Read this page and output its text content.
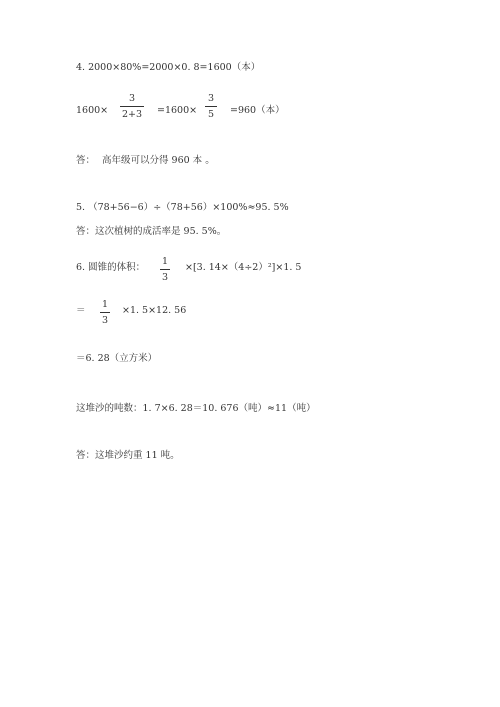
4. 2000×80%=2000×0. 8=1600（本）
1600×
3
2+3 =1600×
3
5	=960（本）
答： 高年级可以分得 960 本 。
5. （78+56−6）÷（78+56）×100%≈95. 5%
答：这次植树的成活率是 95. 5%。
6. 圆锥的体积：
1
3
×[3. 14×（4÷2）²]×1. 5
＝
1
3
×1. 5×12. 56
＝6. 28（立方米）
这堆沙的吨数：1. 7×6. 28＝10. 676（吨）≈11（吨）
答：这堆沙约重 11 吨。
